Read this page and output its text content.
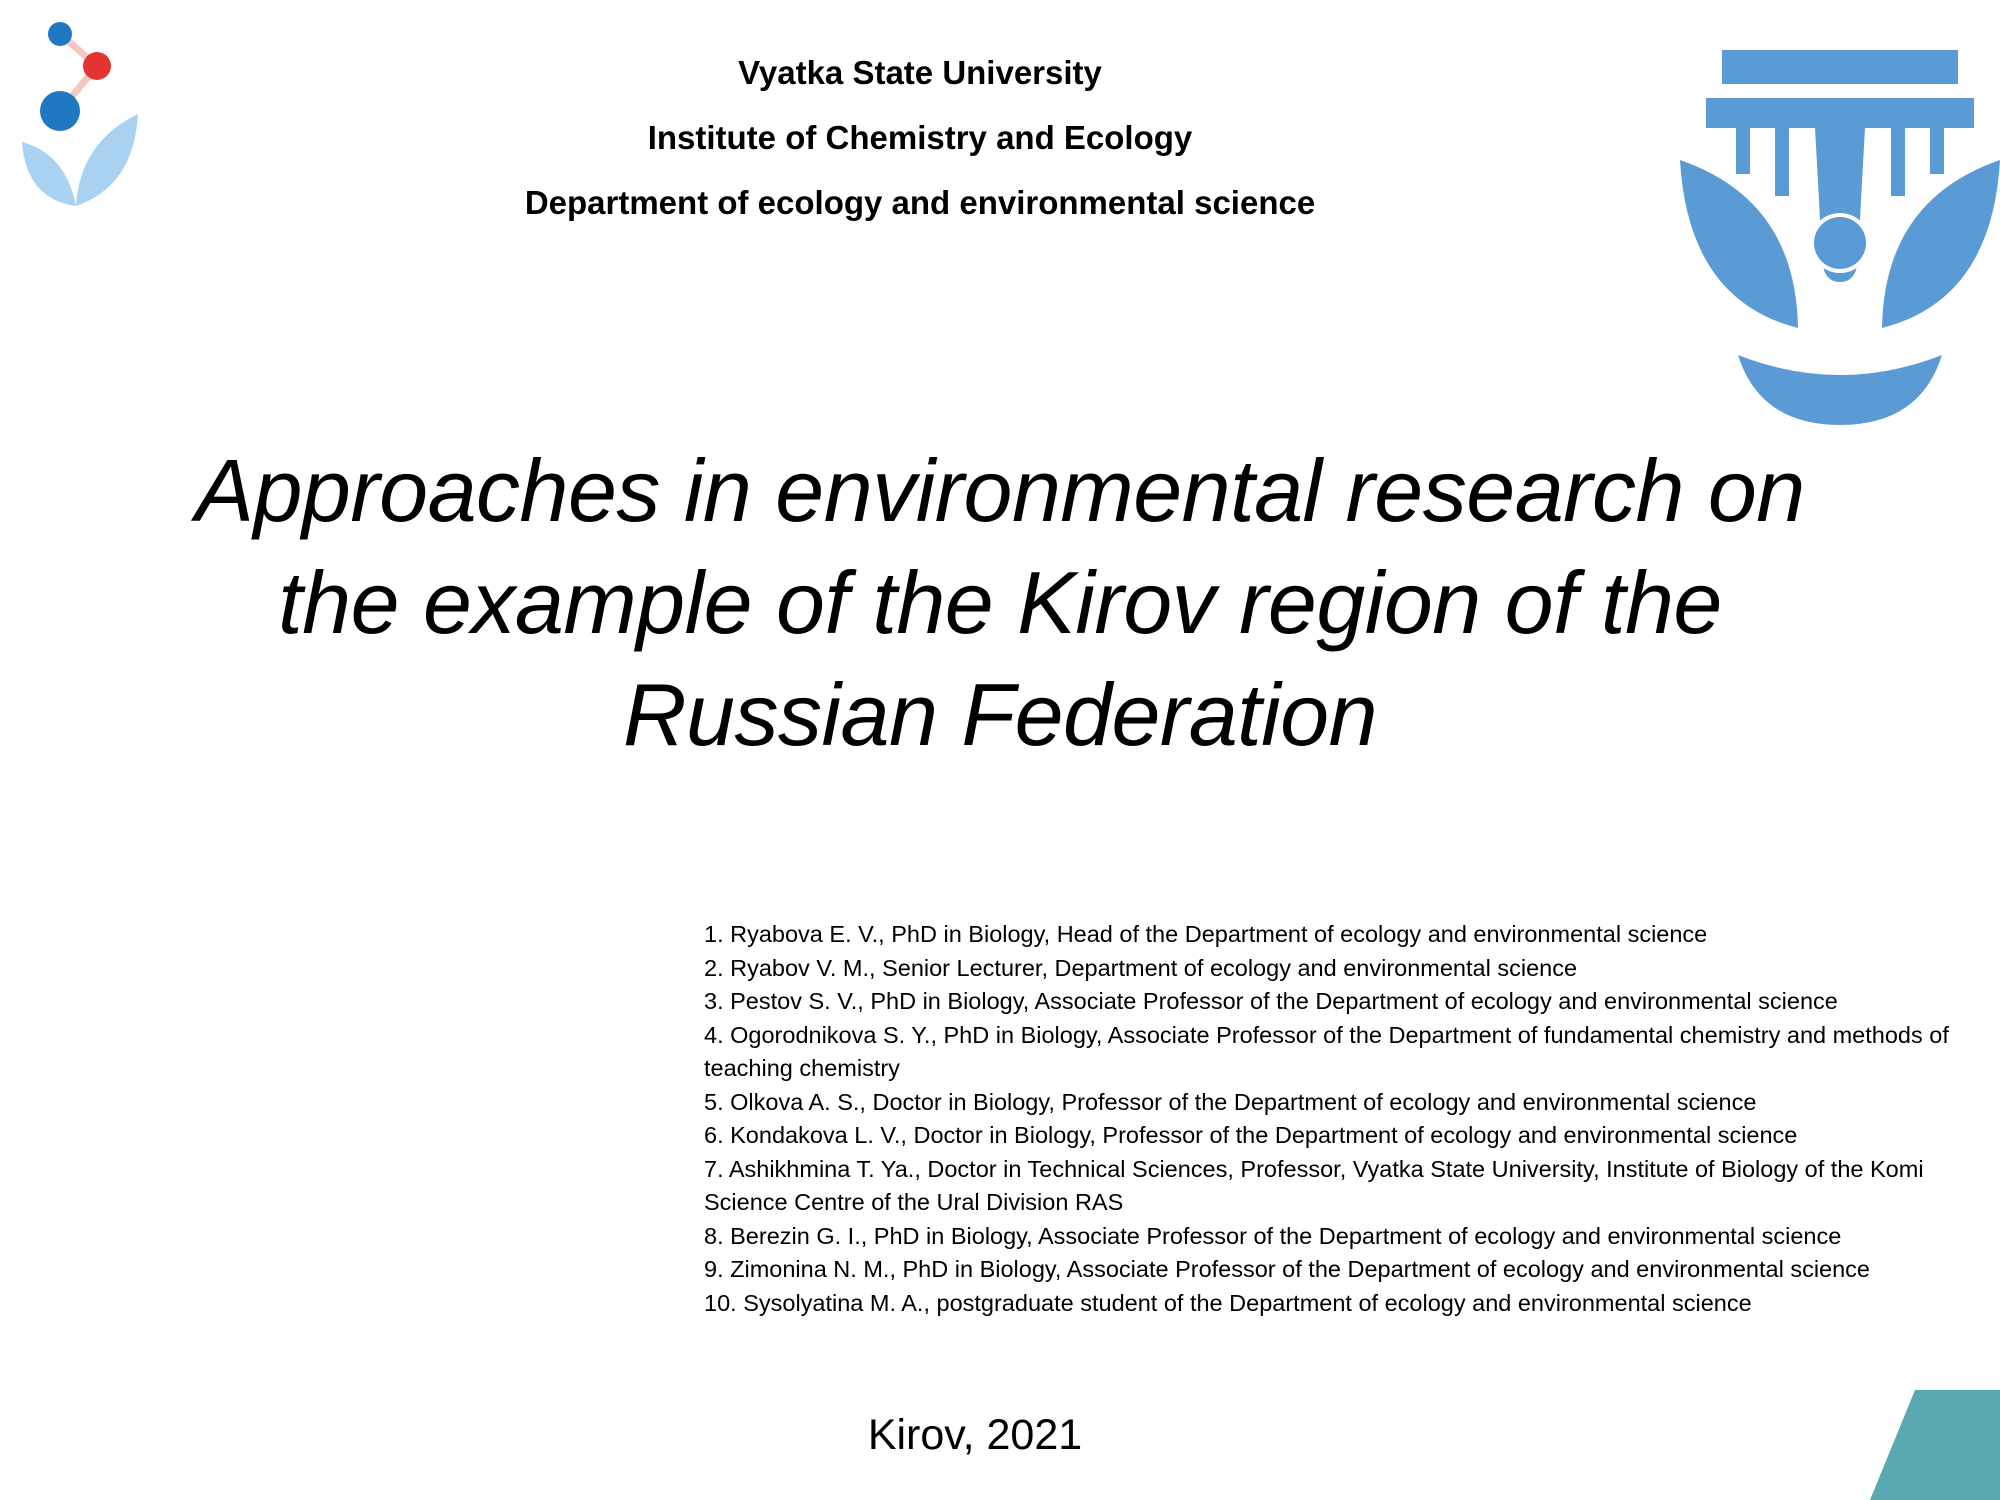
Vyatka State University
Institute of Chemistry and Ecology
Department of ecology and environmental science
Approaches in environmental research on
the example of the Kirov region of the
Russian Federation
1. Ryabova E. V., PhD in Biology, Head of the Department of ecology and environmental science
2. Ryabov V. M., Senior Lecturer, Department of ecology and environmental science
3. Pestov S. V., PhD in Biology, Associate Professor of the Department of ecology and environmental science
4. Ogorodnikova S. Y., PhD in Biology, Associate Professor of the Department of fundamental chemistry and methods of teaching chemistry
5. Olkova A. S., Doctor in Biology, Professor of the Department of ecology and environmental science
6. Kondakova L. V., Doctor in Biology, Professor of the Department of ecology and environmental science
7. Ashikhmina T. Ya., Doctor in Technical Sciences, Professor, Vyatka State University, Institute of Biology of the Komi Science Centre of the Ural Division RAS
8. Berezin G. I., PhD in Biology, Associate Professor of the Department of ecology and environmental science
9. Zimonina N. M., PhD in Biology, Associate Professor of the Department of ecology and environmental science
10. Sysolyatina M. A., postgraduate student of the Department of ecology and environmental science
Kirov, 2021
